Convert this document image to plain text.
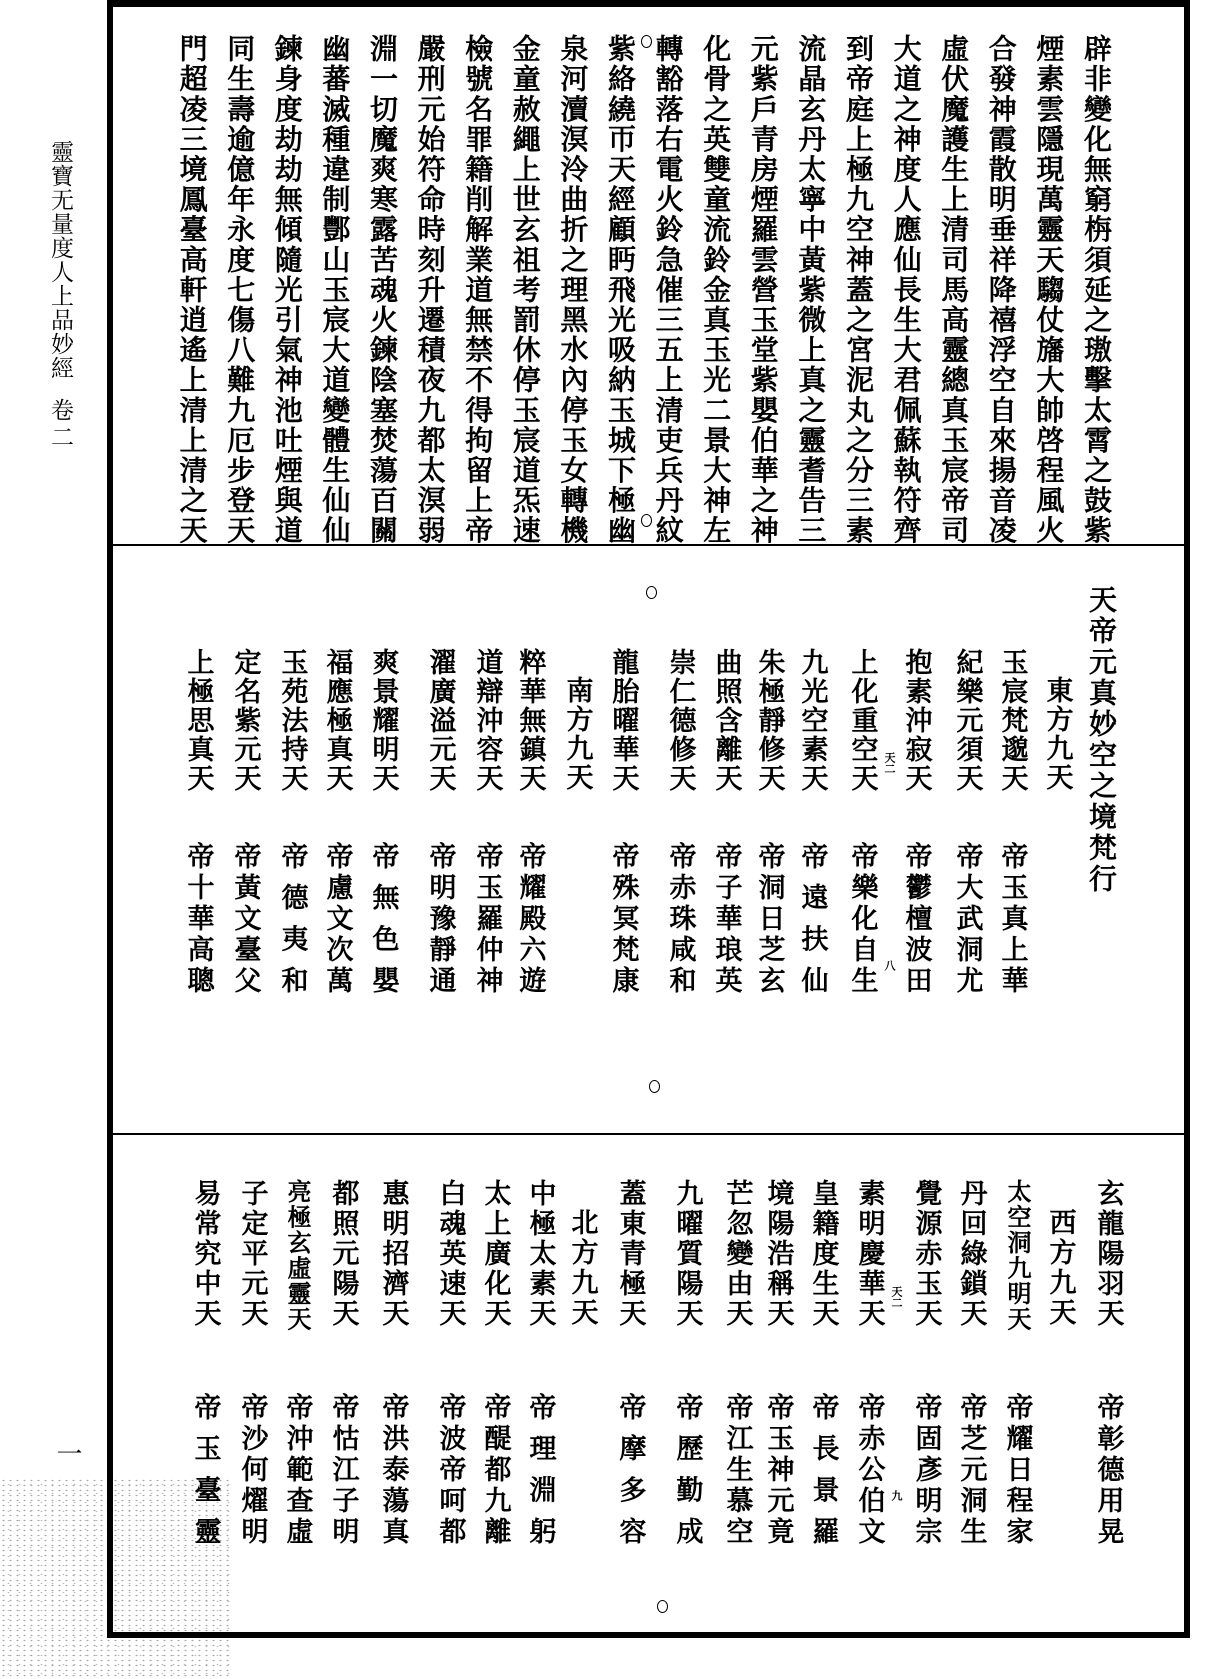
靈寶无量度人上品妙經
卷二
一
辟非變化無窮栴須延之璈擊太霄之鼓紫
煙素雲隱現萬靈天騶仗旛大帥啓程風火
合發神霞散明垂祥降禧浮空自來揚音凌
虛伏魔護生上清司馬高靈總真玉宸帝司
大道之神度人應仙長生大君佩蘇執符齊
到帝庭上極九空神蓋之宮泥丸之分三素
流晶玄丹太寧中黃紫微上真之靈耆告三
元紫戶青房煙羅雲營玉堂紫嬰伯華之神
化骨之英雙童流鈴金真玉光二景大神左
轉豁落右電火鈴急催三五上清吏兵丹紋
紫絡繞帀天經顧眄飛光吸納玉城下極幽
泉河瀆溟泠曲折之理黑水內停玉女轉機
金童赦繩上世玄祖考罰休停玉宸道炁速
檢號名罪籍削解業道無禁不得拘留上帝
嚴刑元始符命時刻升遷積夜九都太溟弱
淵一切魔爽寒露苦魂火鍊陰塞焚蕩百關
幽蕃滅種違制酆山玉宸大道變體生仙仙
鍊身度劫劫無傾隨光引氣神池吐煙與道
同生壽逾億年永度七傷八難九厄步登天
門超凌三境鳳臺高軒逍遙上清上清之天
天帝元真妙空之境梵行
東方九天
玉宸梵邈天
帝玉真上華
紀樂元須天
帝大武洞尤
抱素沖寂天
帝鬱檀波田
上化重空天
帝樂化自生
九光空素天
帝遠扶仙
朱極靜修天
帝洞日芝玄
曲照含離天
帝子華琅英
崇仁德修天
帝赤珠咸和
龍胎曜華天
帝殊冥梵康
南方九天
粹華無鎮天
帝耀殿六遊
道辯沖容天
帝玉羅仲神
濯廣溢元天
帝明豫靜通
爽景耀明天
帝無色嬰
福應極真天
帝慮文次萬
玉苑法持天
帝德夷和
定名紫元天
帝黃文臺父
上極思真天
帝十華高聰
天二
八
玄龍陽羽天
帝彰德用晃
西方九天
太空洞九明天
帝耀日程家
丹回綠鎖天
帝芝元洞生
覺源赤玉天
帝固彥明宗
素明慶華天
帝赤公伯文
皇籍度生天
帝長景羅
境陽浩稱天
帝玉神元竟
芒忽變由天
帝江生慕空
九曜質陽天
帝歷勤成
蓋東青極天
帝摩多容
北方九天
中極太素天
帝理淵躬
太上廣化天
帝醍都九離
白魂英速天
帝波帝呵都
惠明招濟天
帝洪泰蕩真
都照元陽天
帝怙江子明
亮極玄虛靈天
帝沖範查虛
子定平元天
帝沙何燿明
易常究中天
帝玉臺靈
天二
九
